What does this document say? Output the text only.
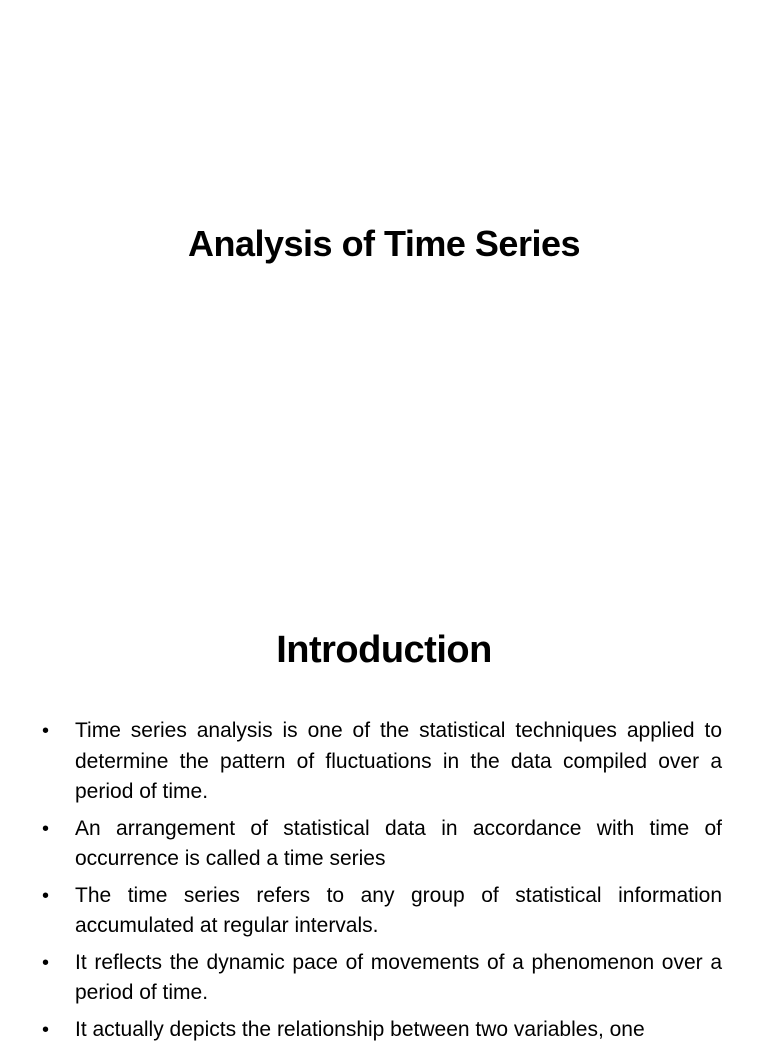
Analysis of Time Series
Introduction
• Time series analysis is one of the statistical techniques applied to determine the pattern of fluctuations in the data compiled over a period of time.
• An arrangement of statistical data in accordance with time of occurrence is called a time series
• The time series refers to any group of statistical information accumulated at regular intervals.
• It reflects the dynamic pace of movements of a phenomenon over a period of time.
• It actually depicts the relationship between two variables, one
